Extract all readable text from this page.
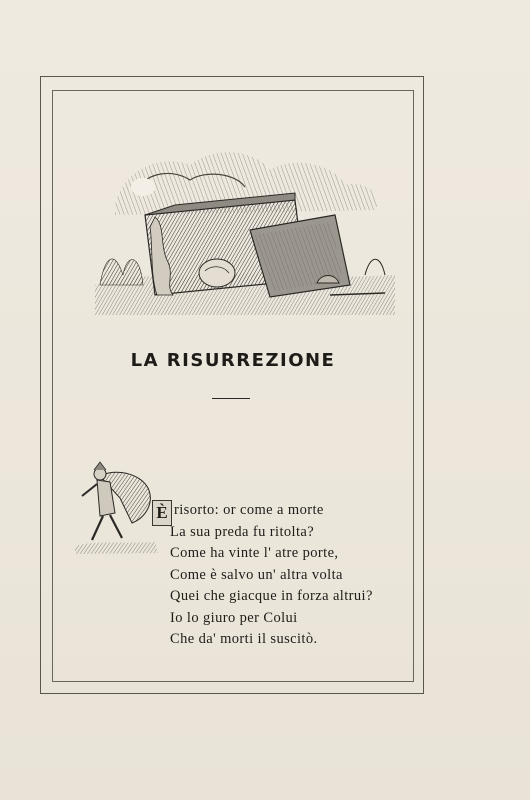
LA RISURREZIONE
È risorto: or come a morte
La sua preda fu ritolta?
Come ha vinte l' atre porte,
Come è salvo un' altra volta
Quei che giacque in forza altrui?
Io lo giuro per Colui
Che da' morti il suscitò.
